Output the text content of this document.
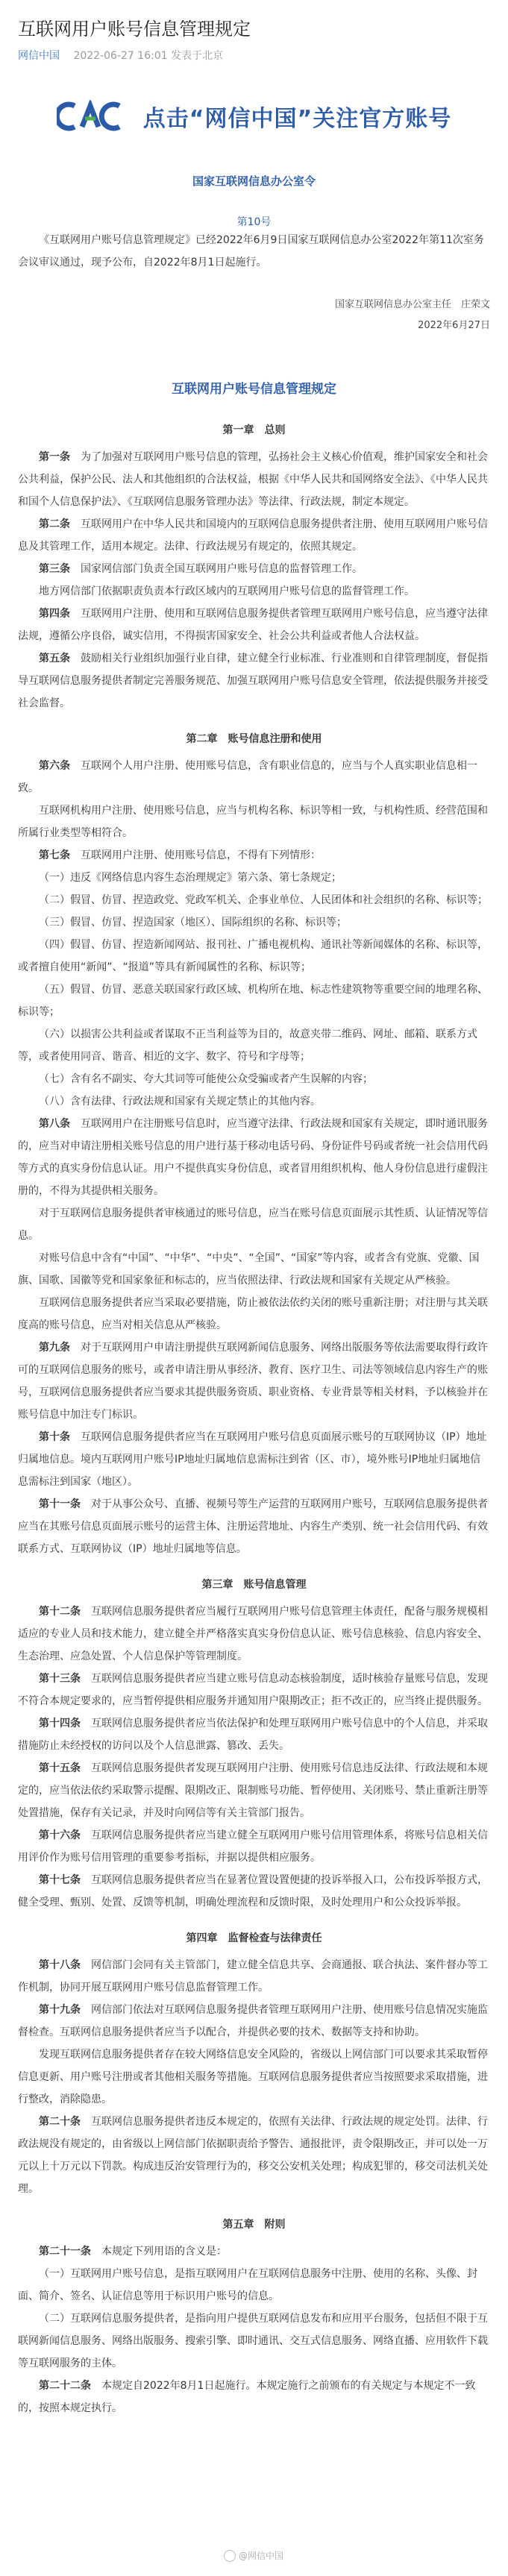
互联网用户账号信息管理规定
网信中国 2022-06-27 16:01 发表于北京
点击“网信中国”关注官方账号
国家互联网信息办公室令
第10号

《互联网用户账号信息管理规定》已经2022年6月9日国家互联网信息办公室2022年第11次室务会议审议通过，现予公布，自2022年8月1日起施行。

国家互联网信息办公室主任　庄荣文
2022年6月27日
互联网用户账号信息管理规定
第一章　总则

第一条　 为了加强对互联网用户账号信息的管理，弘扬社会主义核心价值观，维护国家安全和社会公共利益，保护公民、法人和其他组织的合法权益，根据《中华人民共和国网络安全法》、《中华人民共和国个人信息保护法》、《互联网信息服务管理办法》等法律、行政法规，制定本规定。

第二条　 互联网用户在中华人民共和国境内的互联网信息服务提供者注册、使用互联网用户账号信息及其管理工作，适用本规定。法律、行政法规另有规定的，依照其规定。

第三条　 国家网信部门负责全国互联网用户账号信息的监督管理工作。

地方网信部门依据职责负责本行政区域内的互联网用户账号信息的监督管理工作。

第四条　 互联网用户注册、使用和互联网信息服务提供者管理互联网用户账号信息，应当遵守法律法规，遵循公序良俗，诚实信用，不得损害国家安全、社会公共利益或者他人合法权益。

第五条　 鼓励相关行业组织加强行业自律，建立健全行业标准、行业准则和自律管理制度，督促指导互联网信息服务提供者制定完善服务规范、加强互联网用户账号信息安全管理，依法提供服务并接受社会监督。

第二章　账号信息注册和使用

第六条　 互联网个人用户注册、使用账号信息，含有职业信息的，应当与个人真实职业信息相一致。

互联网机构用户注册、使用账号信息，应当与机构名称、标识等相一致，与机构性质、经营范围和所属行业类型等相符合。

第七条　 互联网用户注册、使用账号信息，不得有下列情形：

（一）违反《网络信息内容生态治理规定》第六条、第七条规定；

（二）假冒、仿冒、捏造政党、党政军机关、企事业单位、人民团体和社会组织的名称、标识等；

（三）假冒、仿冒、捏造国家（地区）、国际组织的名称、标识等；

（四）假冒、仿冒、捏造新闻网站、报刊社、广播电视机构、通讯社等新闻媒体的名称、标识等，或者擅自使用“新闻”、“报道”等具有新闻属性的名称、标识等；

（五）假冒、仿冒、恶意关联国家行政区域、机构所在地、标志性建筑物等重要空间的地理名称、标识等；

（六）以损害公共利益或者谋取不正当利益等为目的，故意夹带二维码、网址、邮箱、联系方式等，或者使用同音、谐音、相近的文字、数字、符号和字母等；

（七）含有名不副实、夸大其词等可能使公众受骗或者产生误解的内容；

（八）含有法律、行政法规和国家有关规定禁止的其他内容。

第八条　 互联网用户在注册账号信息时，应当遵守法律、行政法规和国家有关规定，即时通讯服务的，应当对申请注册相关账号信息的用户进行基于移动电话号码、身份证件号码或者统一社会信用代码等方式的真实身份信息认证。用户不提供真实身份信息，或者冒用组织机构、他人身份信息进行虚假注册的，不得为其提供相关服务。

对于互联网信息服务提供者审核通过的账号信息，应当在账号信息页面展示其性质、认证情况等信息。

对账号信息中含有“中国”、“中华”、“中央”、“全国”、“国家”等内容，或者含有党旗、党徽、国旗、国歌、国徽等党和国家象征和标志的，应当依照法律、行政法规和国家有关规定从严核验。

互联网信息服务提供者应当采取必要措施，防止被依法依约关闭的账号重新注册；对注册与其关联度高的账号信息，应当对相关信息从严核验。

第九条　 对于互联网用户申请注册提供互联网新闻信息服务、网络出版服务等依法需要取得行政许可的互联网信息服务的账号，或者申请注册从事经济、教育、医疗卫生、司法等领域信息内容生产的账号，互联网信息服务提供者应当要求其提供服务资质、职业资格、专业背景等相关材料，予以核验并在账号信息中加注专门标识。

第十条　 互联网信息服务提供者应当在互联网用户账号信息页面展示账号的互联网协议（IP）地址归属地信息。境内互联网用户账号IP地址归属地信息需标注到省（区、市），境外账号IP地址归属地信息需标注到国家（地区）。

第十一条　 对于从事公众号、直播、视频号等生产运营的互联网用户账号，互联网信息服务提供者应当在其账号信息页面展示账号的运营主体、注册运营地址、内容生产类别、统一社会信用代码、有效联系方式、互联网协议（IP）地址归属地等信息。

第三章　账号信息管理

第十二条　 互联网信息服务提供者应当履行互联网用户账号信息管理主体责任，配备与服务规模相适应的专业人员和技术能力，建立健全并严格落实真实身份信息认证、账号信息核验、信息内容安全、生态治理、应急处置、个人信息保护等管理制度。

第十三条　 互联网信息服务提供者应当建立账号信息动态核验制度，适时核验存量账号信息，发现不符合本规定要求的，应当暂停提供相应服务并通知用户限期改正；拒不改正的，应当终止提供服务。

第十四条　 互联网信息服务提供者应当依法保护和处理互联网用户账号信息中的个人信息，并采取措施防止未经授权的访问以及个人信息泄露、篡改、丢失。

第十五条　 互联网信息服务提供者发现互联网用户注册、使用账号信息违反法律、行政法规和本规定的，应当依法依约采取警示提醒、限期改正、限制账号功能、暂停使用、关闭账号、禁止重新注册等处置措施，保存有关记录，并及时向网信等有关主管部门报告。

第十六条　 互联网信息服务提供者应当建立健全互联网用户账号信用管理体系，将账号信息相关信用评价作为账号信用管理的重要参考指标，并据以提供相应服务。

第十七条　 互联网信息服务提供者应当在显著位置设置便捷的投诉举报入口，公布投诉举报方式，健全受理、甄别、处置、反馈等机制，明确处理流程和反馈时限，及时处理用户和公众投诉举报。

第四章　监督检查与法律责任

第十八条　 网信部门会同有关主管部门，建立健全信息共享、会商通报、联合执法、案件督办等工作机制，协同开展互联网用户账号信息监督管理工作。

第十九条　 网信部门依法对互联网信息服务提供者管理互联网用户注册、使用账号信息情况实施监督检查。互联网信息服务提供者应当予以配合，并提供必要的技术、数据等支持和协助。

发现互联网信息服务提供者存在较大网络信息安全风险的，省级以上网信部门可以要求其采取暂停信息更新、用户账号注册或者其他相关服务等措施。互联网信息服务提供者应当按照要求采取措施，进行整改，消除隐患。

第二十条　 互联网信息服务提供者违反本规定的，依照有关法律、行政法规的规定处罚。法律、行政法规没有规定的，由省级以上网信部门依据职责给予警告、通报批评，责令限期改正，并可以处一万元以上十万元以下罚款。构成违反治安管理行为的，移交公安机关处理；构成犯罪的，移交司法机关处理。

第五章　附则

第二十一条　 本规定下列用语的含义是：

（一）互联网用户账号信息，是指互联网用户在互联网信息服务中注册、使用的名称、头像、封面、简介、签名、认证信息等用于标识用户账号的信息。

（二）互联网信息服务提供者，是指向用户提供互联网信息发布和应用平台服务，包括但不限于互联网新闻信息服务、网络出版服务、搜索引擎、即时通讯、交互式信息服务、网络直播、应用软件下载等互联网服务的主体。

第二十二条　 本规定自2022年8月1日起施行。本规定施行之前颁布的有关规定与本规定不一致的，按照本规定执行。

@网信中国
